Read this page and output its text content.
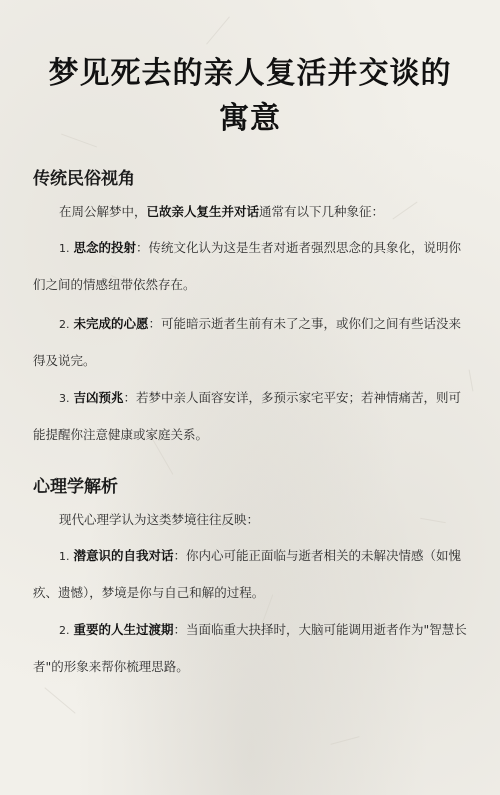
梦见死去的亲人复活并交谈的
寓意
传统民俗视角
在周公解梦中，已故亲人复生并对话通常有以下几种象征：
1. 思念的投射：传统文化认为这是生者对逝者强烈思念的具象化，说明你们之间的情感纽带依然存在。
2. 未完成的心愿：可能暗示逝者生前有未了之事，或你们之间有些话没来得及说完。
3. 吉凶预兆：若梦中亲人面容安详，多预示家宅平安；若神情痛苦，则可能提醒你注意健康或家庭关系。
心理学解析
现代心理学认为这类梦境往往反映：
1. 潜意识的自我对话：你内心可能正面临与逝者相关的未解决情感（如愧疚、遗憾），梦境是你与自己和解的过程。
2. 重要的人生过渡期：当面临重大抉择时，大脑可能调用逝者作为"智慧长者"的形象来帮你梳理思路。
